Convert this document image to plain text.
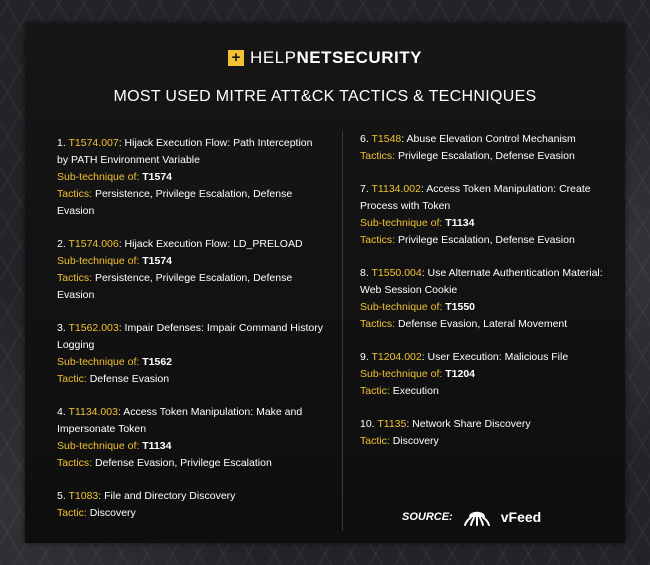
+ HELPNETSECURITY
MOST USED MITRE ATT&CK TACTICS & TECHNIQUES
1. T1574.007: Hijack Execution Flow: Path Interception by PATH Environment Variable
Sub-technique of: T1574
Tactics: Persistence, Privilege Escalation, Defense Evasion
2. T1574.006: Hijack Execution Flow: LD_PRELOAD
Sub-technique of: T1574
Tactics: Persistence, Privilege Escalation, Defense Evasion
3. T1562.003: Impair Defenses: Impair Command History Logging
Sub-technique of: T1562
Tactic: Defense Evasion
4. T1134.003: Access Token Manipulation: Make and Impersonate Token
Sub-technique of: T1134
Tactics: Defense Evasion, Privilege Escalation
5. T1083: File and Directory Discovery
Tactic: Discovery
6. T1548: Abuse Elevation Control Mechanism
Tactics: Privilege Escalation, Defense Evasion
7. T1134.002: Access Token Manipulation: Create Process with Token
Sub-technique of: T1134
Tactics: Privilege Escalation, Defense Evasion
8. T1550.004: Use Alternate Authentication Material: Web Session Cookie
Sub-technique of: T1550
Tactics: Defense Evasion, Lateral Movement
9. T1204.002: User Execution: Malicious File
Sub-technique of: T1204
Tactic: Execution
10. T1135: Network Share Discovery
Tactic: Discovery
SOURCE:	vFeed
